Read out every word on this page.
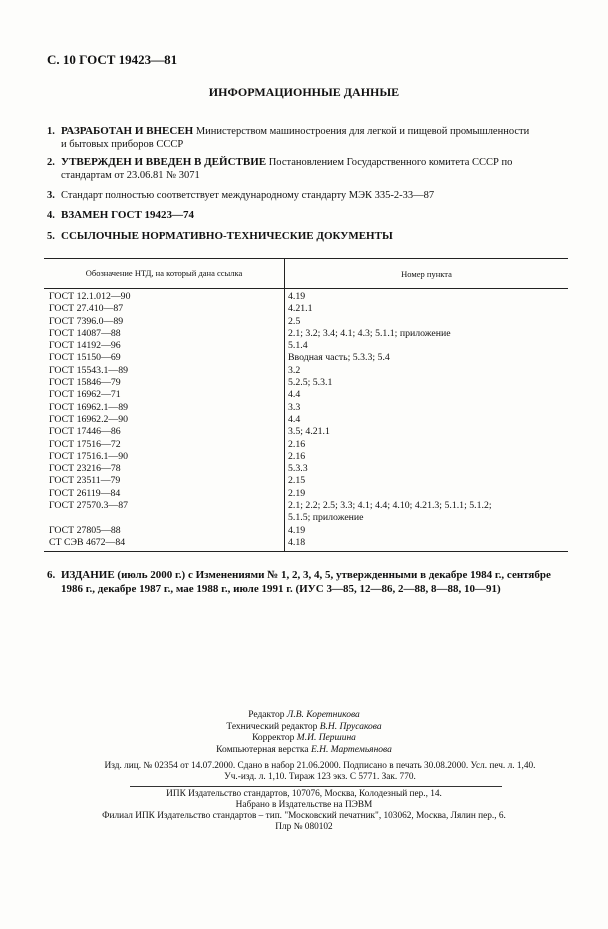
С. 10 ГОСТ 19423—81
ИНФОРМАЦИОННЫЕ ДАННЫЕ
1. РАЗРАБОТАН И ВНЕСЕН Министерством машиностроения для легкой и пищевой промышленности
и бытовых приборов СССР
2. УТВЕРЖДЕН И ВВЕДЕН В ДЕЙСТВИЕ Постановлением Государственного комитета СССР по
стандартам от 23.06.81 № 3071
3. Стандарт полностью соответствует международному стандарту МЭК 335-2-33—87
4. ВЗАМЕН ГОСТ 19423—74
5. ССЫЛОЧНЫЕ НОРМАТИВНО-ТЕХНИЧЕСКИЕ ДОКУМЕНТЫ
Обозначение НТД, на который дана ссылка	Номер пункта
ГОСТ 12.1.012—90	4.19
ГОСТ 27.410—87	4.21.1
ГОСТ 7396.0—89	2.5
ГОСТ 14087—88	2.1; 3.2; 3.4; 4.1; 4.3; 5.1.1; приложение
ГОСТ 14192—96	5.1.4
ГОСТ 15150—69	Вводная часть; 5.3.3; 5.4
ГОСТ 15543.1—89	3.2
ГОСТ 15846—79	5.2.5; 5.3.1
ГОСТ 16962—71	4.4
ГОСТ 16962.1—89	3.3
ГОСТ 16962.2—90	4.4
ГОСТ 17446—86	3.5; 4.21.1
ГОСТ 17516—72	2.16
ГОСТ 17516.1—90	2.16
ГОСТ 23216—78	5.3.3
ГОСТ 23511—79	2.15
ГОСТ 26119—84	2.19
ГОСТ 27570.3—87	2.1; 2.2; 2.5; 3.3; 4.1; 4.4; 4.10; 4.21.3; 5.1.1; 5.1.2;
5.1.5; приложение
ГОСТ 27805—88	4.19
СТ СЭВ 4672—84	4.18
6. ИЗДАНИЕ (июль 2000 г.) с Изменениями № 1, 2, 3, 4, 5, утвержденными в декабре 1984 г., сентябре
1986 г., декабре 1987 г., мае 1988 г., июле 1991 г. (ИУС 3—85, 12—86, 2—88, 8—88, 10—91)
Редактор Л.В. Коретникова
Технический редактор В.Н. Прусакова
Корректор М.И. Першина
Компьютерная верстка Е.Н. Мартемьянова
Изд. лиц. № 02354 от 14.07.2000. Сдано в набор 21.06.2000. Подписано в печать 30.08.2000. Усл. печ. л. 1,40.
Уч.-изд. л. 1,10. Тираж 123 экз. С 5771. Зак. 770.
ИПК Издательство стандартов, 107076, Москва, Колодезный пер., 14.
Набрано в Издательстве на ПЭВМ
Филиал ИПК Издательство стандартов – тип. "Московский печатник", 103062, Москва, Лялин пер., 6.
Плр № 080102
